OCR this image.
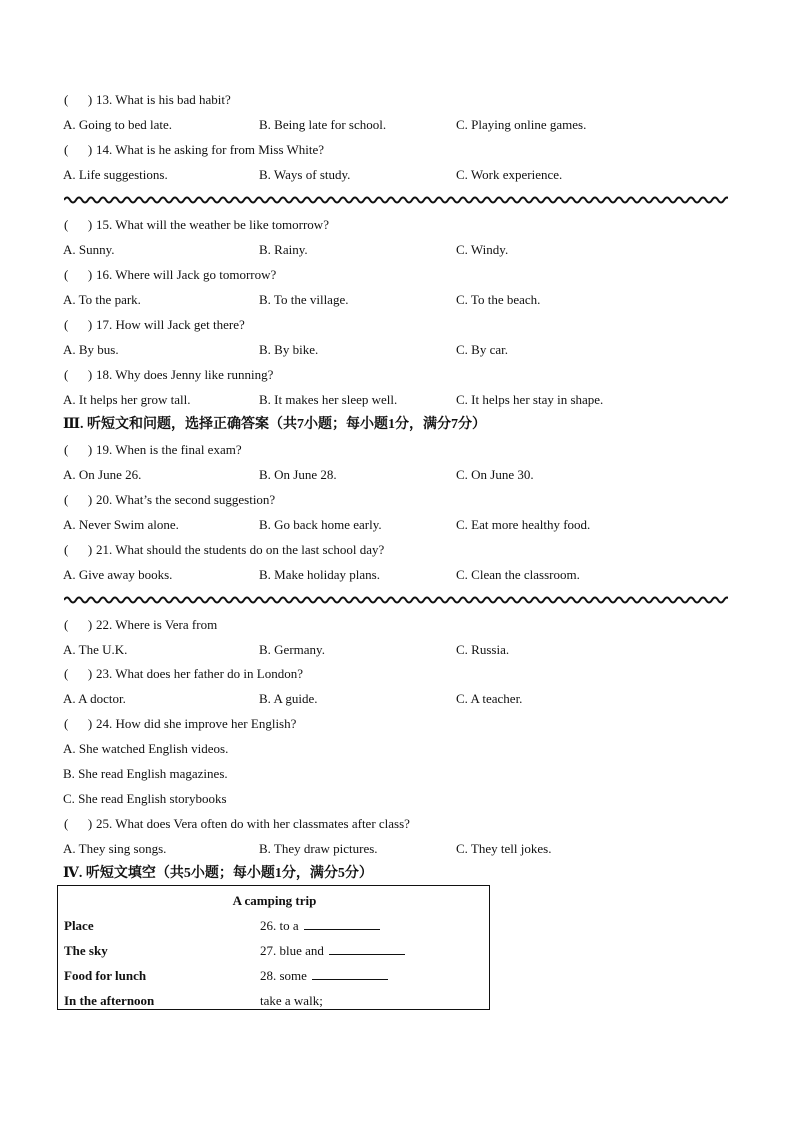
(      ) 13. What is his bad habit?
A. Going to bed late.	B. Being late for school.	C. Playing online games.
(      ) 14. What is he asking for from Miss White?
A. Life suggestions.	B. Ways of study.	C. Work experience.
(      ) 15. What will the weather be like tomorrow?
A. Sunny.	B. Rainy.	C. Windy.
(      ) 16. Where will Jack go tomorrow?
A. To the park.	B. To the village.	C. To the beach.
(      ) 17. How will Jack get there?
A. By bus.	B. By bike.	C. By car.
(      ) 18. Why does Jenny like running?
A. It helps her grow tall.	B. It makes her sleep well.	C. It helps her stay in shape.
Ⅲ. 听短文和问题，选择正确答案（共7小题；每小题1分，满分7分）
(      ) 19. When is the final exam?
A. On June 26.	B. On June 28.	C. On June 30.
(      ) 20. What’s the second suggestion?
A. Never Swim alone.	B. Go back home early.	C. Eat more healthy food.
(      ) 21. What should the students do on the last school day?
A. Give away books.	B. Make holiday plans.	C. Clean the classroom.
(      ) 22. Where is Vera from
A. The U.K.	B. Germany.	C. Russia.
(      ) 23. What does her father do in London?
A. A doctor.	B. A guide.	C. A teacher.
(      ) 24. How did she improve her English?
A. She watched English videos.
B. She read English magazines.
C. She read English storybooks
(      ) 25. What does Vera often do with her classmates after class?
A. They sing songs.	B. They draw pictures.	C. They tell jokes.
Ⅳ. 听短文填空（共5小题；每小题1分，满分5分）
A camping trip
Place	26. to a
The sky	27. blue and
Food for lunch	28. some
In the afternoon	take a walk;
